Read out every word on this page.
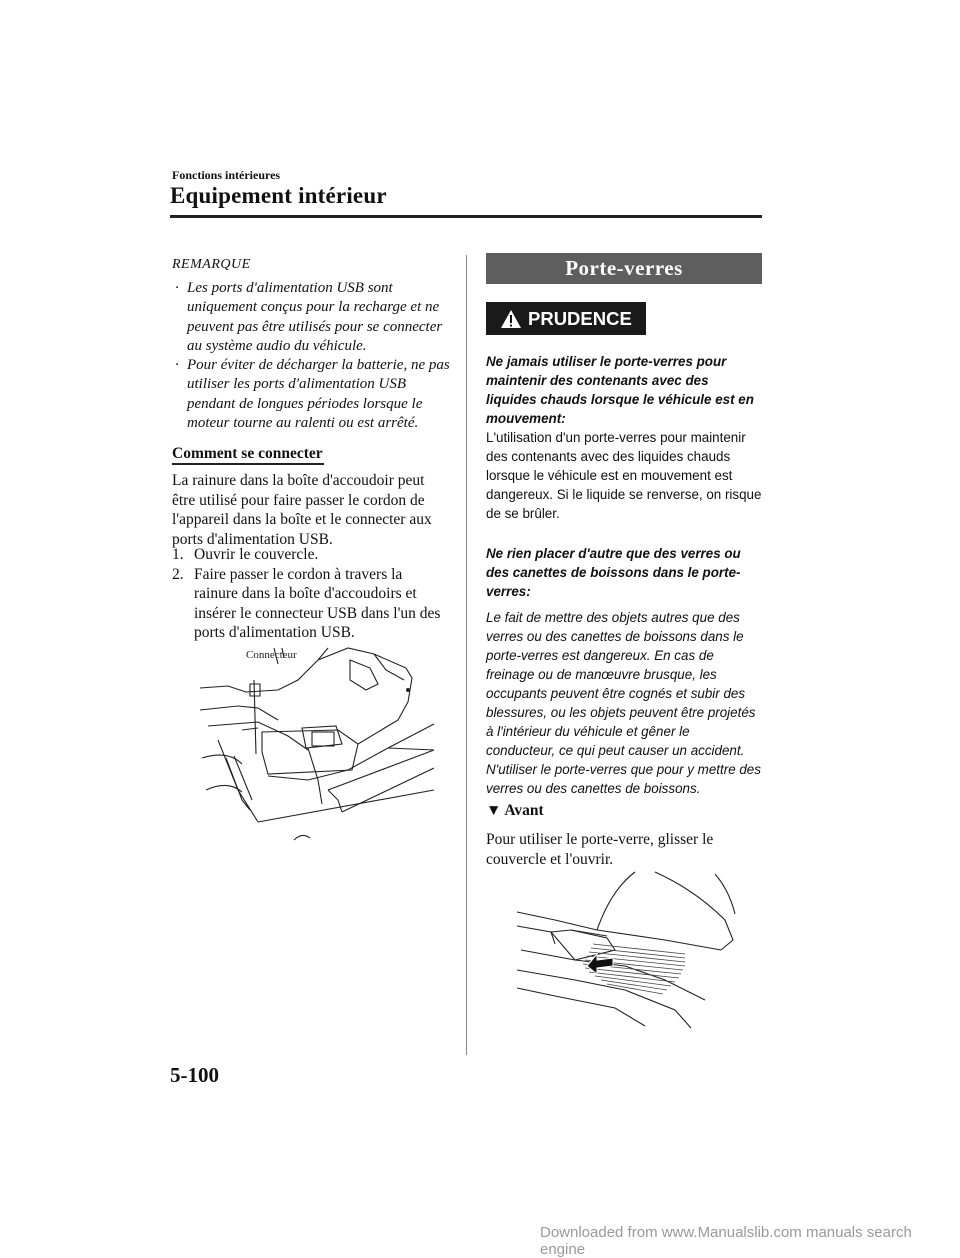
Fonctions intérieures
Equipement intérieur
REMARQUE
· Les ports d'alimentation USB sont uniquement conçus pour la recharge et ne peuvent pas être utilisés pour se connecter au système audio du véhicule.
· Pour éviter de décharger la batterie, ne pas utiliser les ports d'alimentation USB pendant de longues périodes lorsque le moteur tourne au ralenti ou est arrêté.
Comment se connecter
La rainure dans la boîte d'accoudoir peut être utilisé pour faire passer le cordon de l'appareil dans la boîte et le connecter aux ports d'alimentation USB.
1. Ouvrir le couvercle.
2. Faire passer le cordon à travers la rainure dans la boîte d'accoudoirs et insérer le connecteur USB dans l'un des ports d'alimentation USB.
Connecteur
Porte-verres
PRUDENCE
Ne jamais utiliser le porte-verres pour maintenir des contenants avec des liquides chauds lorsque le véhicule est en mouvement:
L'utilisation d'un porte-verres pour maintenir des contenants avec des liquides chauds lorsque le véhicule est en mouvement est dangereux. Si le liquide se renverse, on risque de se brûler.
Ne rien placer d'autre que des verres ou des canettes de boissons dans le porte-verres:
Le fait de mettre des objets autres que des verres ou des canettes de boissons dans le porte-verres est dangereux. En cas de freinage ou de manœuvre brusque, les occupants peuvent être cognés et subir des blessures, ou les objets peuvent être projetés à l'intérieur du véhicule et gêner le conducteur, ce qui peut causer un accident. N'utiliser le porte-verres que pour y mettre des verres ou des canettes de boissons.
▼ Avant
Pour utiliser le porte-verre, glisser le couvercle et l'ouvrir.
5-100
Downloaded from www.Manualslib.com manuals search engine
